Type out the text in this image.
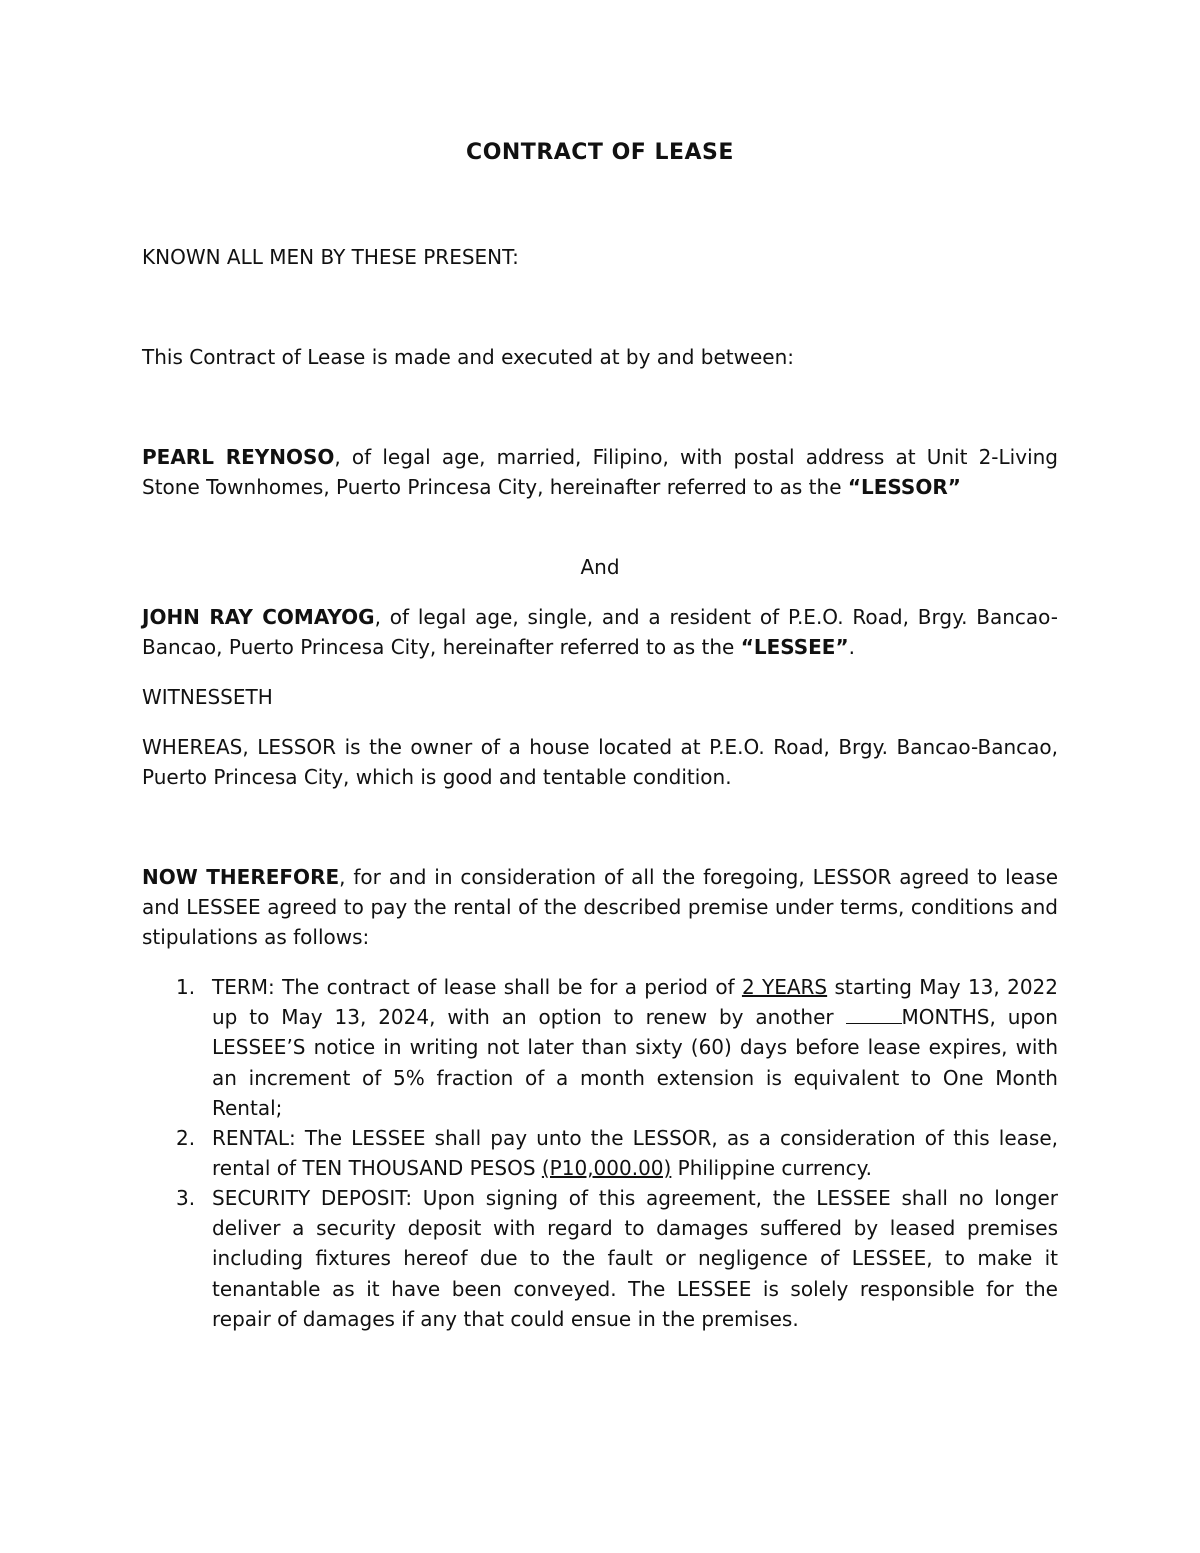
CONTRACT OF LEASE
KNOWN ALL MEN BY THESE PRESENT:
This Contract of Lease is made and executed at by and between:
PEARL REYNOSO, of legal age, married, Filipino, with postal address at Unit 2-Living Stone Townhomes, Puerto Princesa City, hereinafter referred to as the “LESSOR”
And
JOHN RAY COMAYOG, of legal age, single, and a resident of P.E.O. Road, Brgy. Bancao-Bancao, Puerto Princesa City, hereinafter referred to as the “LESSEE”.
WITNESSETH
WHEREAS, LESSOR is the owner of a house located at P.E.O. Road, Brgy. Bancao-Bancao, Puerto Princesa City, which is good and tentable condition.
NOW THEREFORE, for and in consideration of all the foregoing, LESSOR agreed to lease and LESSEE agreed to pay the rental of the described premise under terms, conditions and stipulations as follows:
1. TERM: The contract of lease shall be for a period of 2 YEARS starting May 13, 2022 up to May 13, 2024, with an option to renew by another	MONTHS, upon LESSEE’S notice in writing not later than sixty (60) days before lease expires, with an increment of 5% fraction of a month extension is equivalent to One Month Rental;
2. RENTAL: The LESSEE shall pay unto the LESSOR, as a consideration of this lease, rental of TEN THOUSAND PESOS (P10,000.00) Philippine currency.
3. SECURITY DEPOSIT: Upon signing of this agreement, the LESSEE shall no longer deliver a security deposit with regard to damages suffered by leased premises including fixtures hereof due to the fault or negligence of LESSEE, to make it tenantable as it have been conveyed. The LESSEE is solely responsible for the repair of damages if any that could ensue in the premises.
